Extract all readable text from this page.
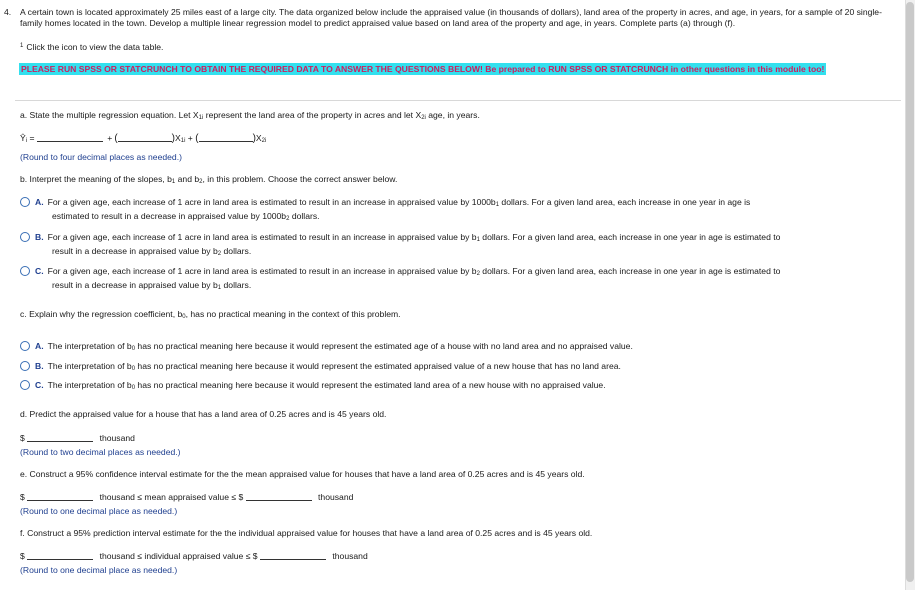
4. A certain town is located approximately 25 miles east of a large city. The data organized below include the appraised value (in thousands of dollars), land area of the property in acres, and age, in years, for a sample of 20 single-family homes located in the town. Develop a multiple linear regression model to predict appraised value based on land area of the property and age, in years. Complete parts (a) through (f).
$^1$ Click the icon to view the data table.
PLEASE RUN SPSS OR STATCRUNCH TO OBTAIN THE REQUIRED DATA TO ANSWER THE QUESTIONS BELOW! Be prepared to RUN SPSS OR STATCRUNCH in other questions in this module too!
a. State the multiple regression equation. Let X1i represent the land area of the property in acres and let X2i age, in years.
Ŷi =	+ (	)X1i + (	)X2i
(Round to four decimal places as needed.)
b. Interpret the meaning of the slopes, b1 and b2, in this problem. Choose the correct answer below.
A. For a given age, each increase of 1 acre in land area is estimated to result in an increase in appraised value by 1000b1 dollars. For a given land area, each increase in one year in age is
estimated to result in a decrease in appraised value by 1000b2 dollars.
B. For a given age, each increase of 1 acre in land area is estimated to result in an increase in appraised value by b1 dollars. For a given land area, each increase in one year in age is estimated to
result in a decrease in appraised value by b2 dollars.
C. For a given age, each increase of 1 acre in land area is estimated to result in an increase in appraised value by b2 dollars. For a given land area, each increase in one year in age is estimated to
result in a decrease in appraised value by b1 dollars.
c. Explain why the regression coefficient, b0, has no practical meaning in the context of this problem.
A. The interpretation of b0 has no practical meaning here because it would represent the estimated age of a house with no land area and no appraised value.
B. The interpretation of b0 has no practical meaning here because it would represent the estimated appraised value of a new house that has no land area.
C. The interpretation of b0 has no practical meaning here because it would represent the estimated land area of a new house with no appraised value.
d. Predict the appraised value for a house that has a land area of 0.25 acres and is 45 years old.
$	thousand
(Round to two decimal places as needed.)
e. Construct a 95% confidence interval estimate for the the mean appraised value for houses that have a land area of 0.25 acres and is 45 years old.
$	thousand ≤ mean appraised value ≤ $	thousand
(Round to one decimal place as needed.)
f. Construct a 95% prediction interval estimate for the the individual appraised value for houses that have a land area of 0.25 acres and is 45 years old.
$	thousand ≤ individual appraised value ≤ $	thousand
(Round to one decimal place as needed.)
